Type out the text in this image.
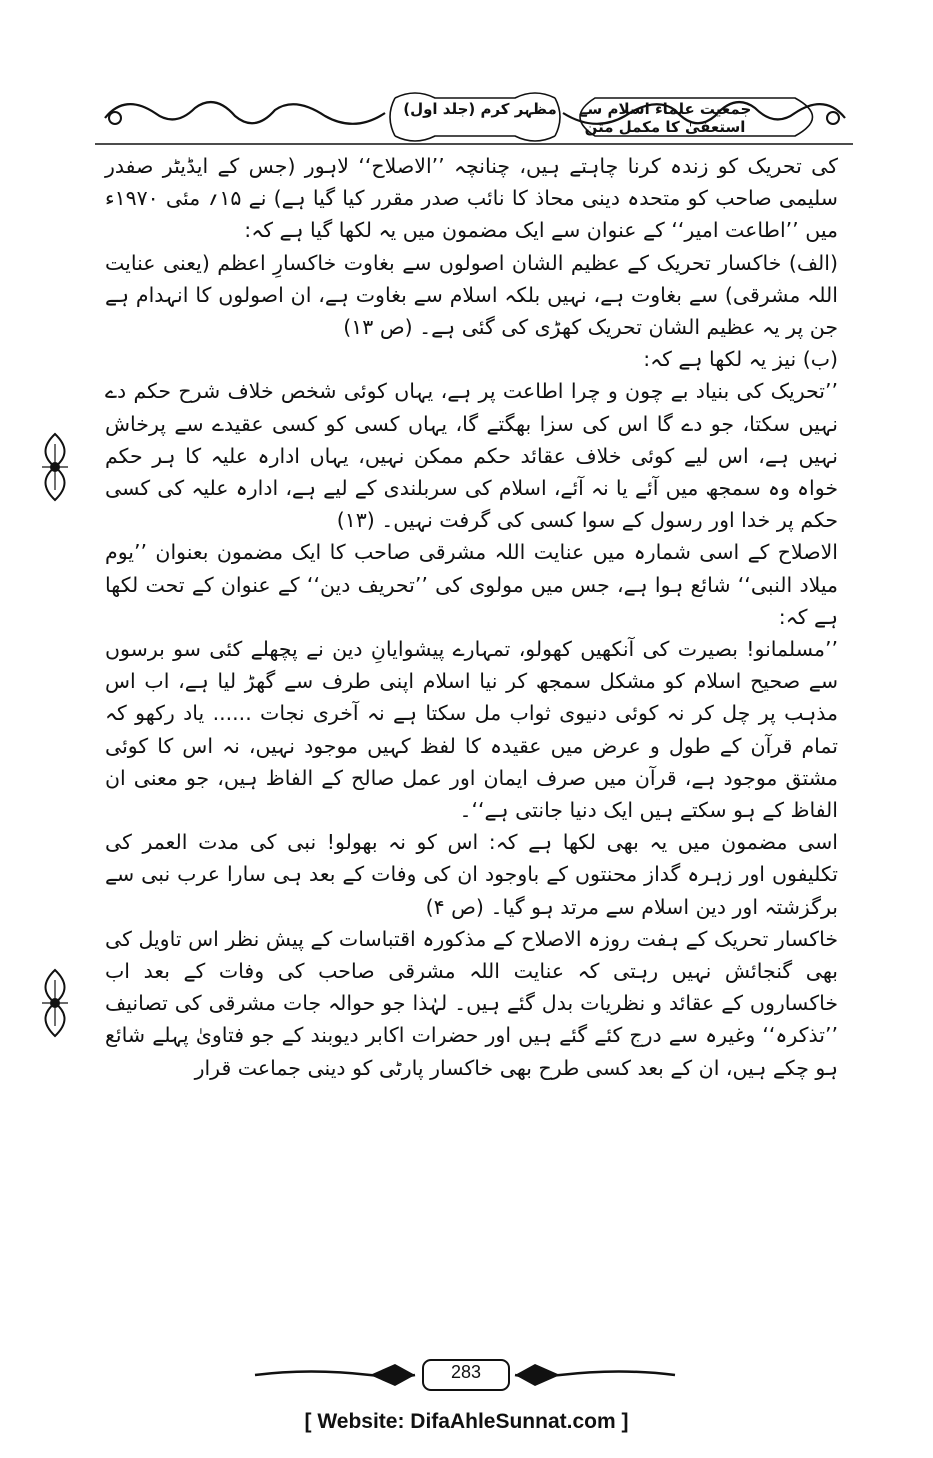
مظہر کرم (جلد اول)	جمعیت علماء اسلام سے استعفیٰ کا مکمل متن

کی تحریک کو زندہ کرنا چاہتے ہیں، چنانچہ ’’الاصلاح‘‘ لاہور (جس کے ایڈیٹر صفدر سلیمی صاحب کو متحدہ دینی محاذ کا نائب صدر مقرر کیا گیا ہے) نے ۱۵؍ مئی ۱۹۷۰ء میں ’’اطاعت امیر‘‘ کے عنوان سے ایک مضمون میں یہ لکھا گیا ہے کہ:

(الف) خاکسار تحریک کے عظیم الشان اصولوں سے بغاوت خاکسارِ اعظم (یعنی عنایت اللہ مشرقی) سے بغاوت ہے، نہیں بلکہ اسلام سے بغاوت ہے، ان اصولوں کا انہدام ہے جن پر یہ عظیم الشان تحریک کھڑی کی گئی ہے۔ (ص ۱۳)

(ب) نیز یہ لکھا ہے کہ:

’’تحریک کی بنیاد بے چون و چرا اطاعت پر ہے، یہاں کوئی شخص خلاف شرح حکم دے نہیں سکتا، جو دے گا اس کی سزا بھگتے گا، یہاں کسی کو کسی عقیدے سے پرخاش نہیں ہے، اس لیے کوئی خلاف عقائد حکم ممکن نہیں، یہاں ادارہ علیہ کا ہر حکم خواہ وہ سمجھ میں آئے یا نہ آئے، اسلام کی سربلندی کے لیے ہے، ادارہ علیہ کی کسی حکم پر خدا اور رسول کے سوا کسی کی گرفت نہیں۔ (۱۳)

الاصلاح کے اسی شمارہ میں عنایت اللہ مشرقی صاحب کا ایک مضمون بعنوان ’’یوم میلاد النبی‘‘ شائع ہوا ہے، جس میں مولوی کی ’’تحریف دین‘‘ کے عنوان کے تحت لکھا ہے کہ:

’’مسلمانو! بصیرت کی آنکھیں کھولو، تمہارے پیشوایانِ دین نے پچھلے کئی سو برسوں سے صحیح اسلام کو مشکل سمجھ کر نیا اسلام اپنی طرف سے گھڑ لیا ہے، اب اس مذہب پر چل کر نہ کوئی دنیوی ثواب مل سکتا ہے نہ آخری نجات ...... یاد رکھو کہ تمام قرآن کے طول و عرض میں عقیدہ کا لفظ کہیں موجود نہیں، نہ اس کا کوئی مشتق موجود ہے، قرآن میں صرف ایمان اور عمل صالح کے الفاظ ہیں، جو معنی ان الفاظ کے ہو سکتے ہیں ایک دنیا جانتی ہے‘‘۔

اسی مضمون میں یہ بھی لکھا ہے کہ: اس کو نہ بھولو! نبی کی مدت العمر کی تکلیفوں اور زہرہ گداز محنتوں کے باوجود ان کی وفات کے بعد ہی سارا عرب نبی سے برگزشتہ اور دین اسلام سے مرتد ہو گیا۔ (ص ۴)

خاکسار تحریک کے ہفت روزہ الاصلاح کے مذکورہ اقتباسات کے پیش نظر اس تاویل کی بھی گنجائش نہیں رہتی کہ عنایت اللہ مشرقی صاحب کی وفات کے بعد اب خاکساروں کے عقائد و نظریات بدل گئے ہیں۔ لہٰذا جو حوالہ جات مشرقی کی تصانیف ’’تذکرہ‘‘ وغیرہ سے درج کئے گئے ہیں اور حضرات اکابر دیوبند کے جو فتاویٰ پہلے شائع ہو چکے ہیں، ان کے بعد کسی طرح بھی خاکسار پارٹی کو دینی جماعت قرار

283
[ Website: DifaAhleSunnat.com ]
